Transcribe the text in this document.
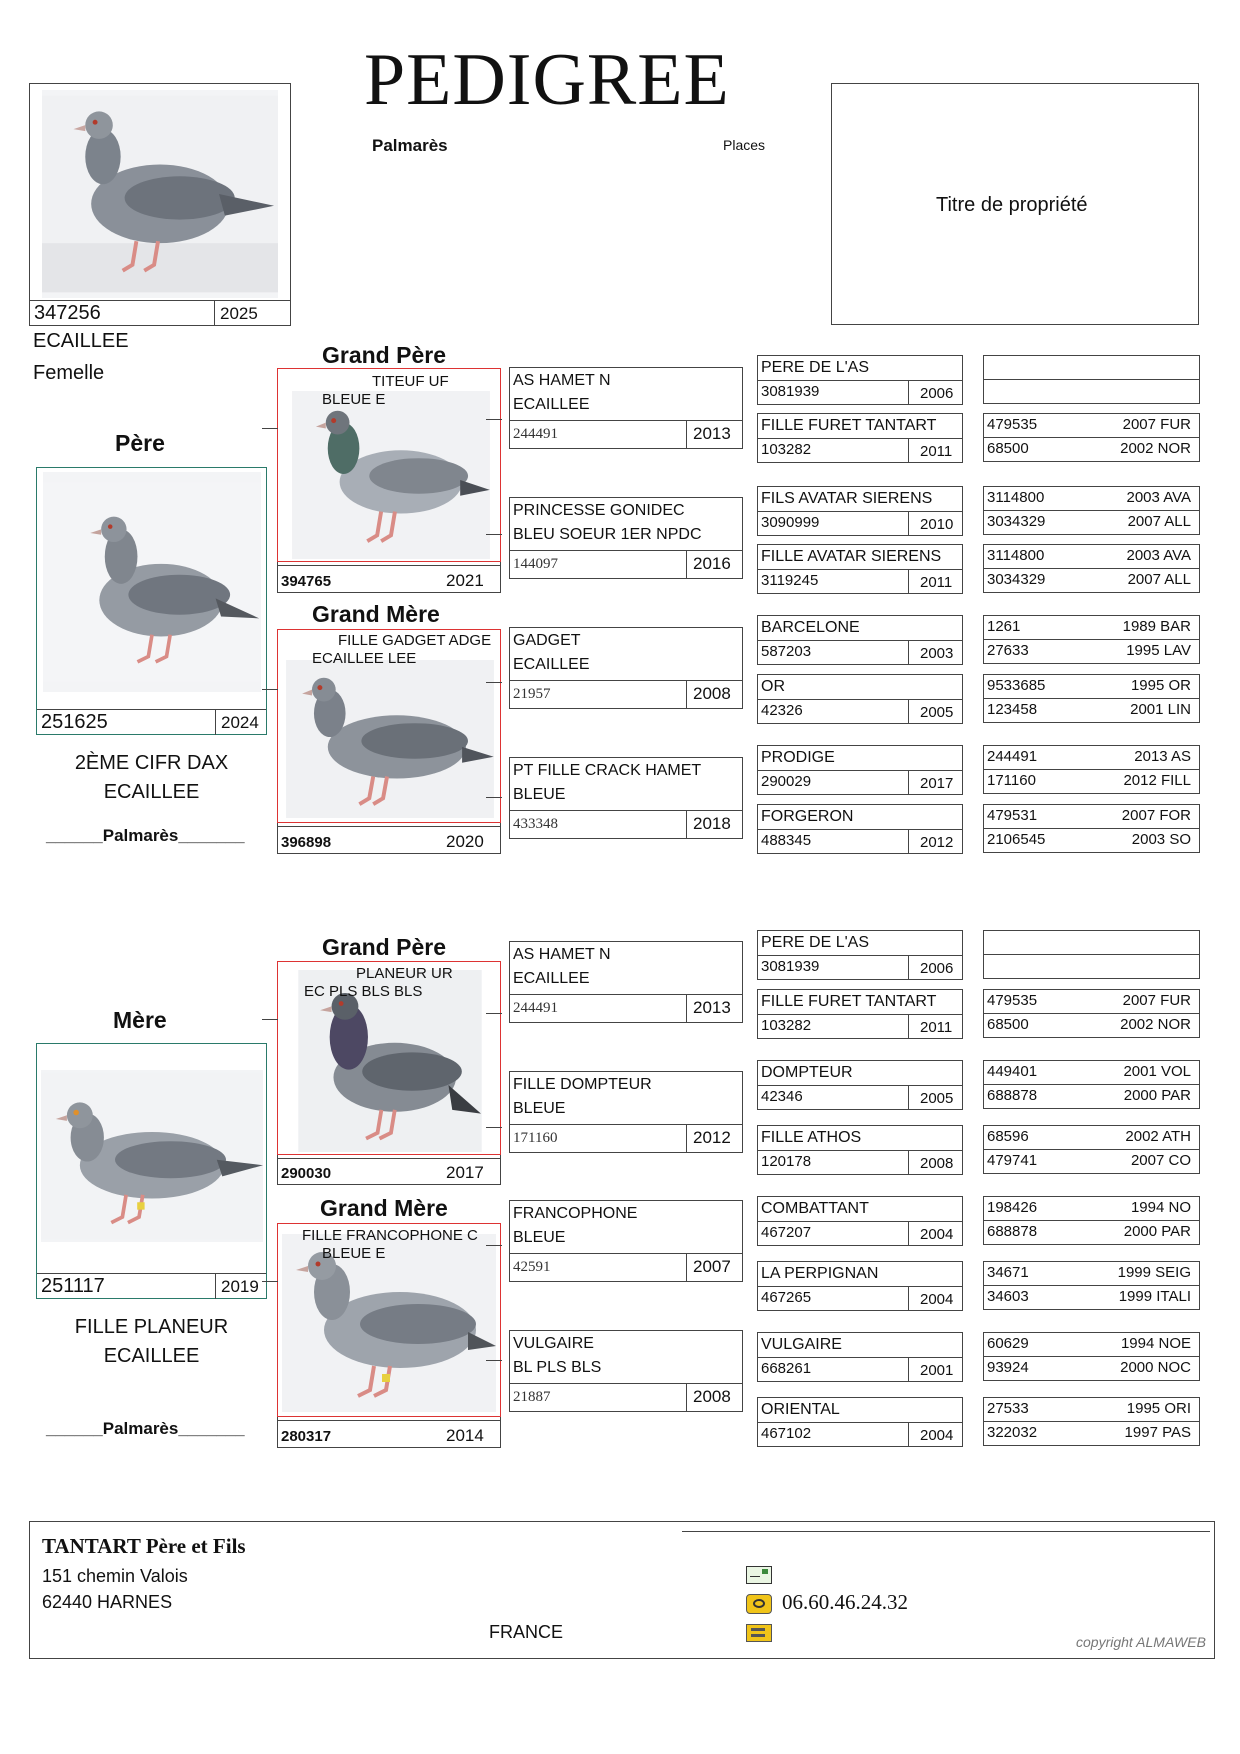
PEDIGREE
Palmarès	Places
Titre de propriété
347256	2025
ECAILLEE
Femelle
Père
251625	2024
2ÈME CIFR DAX
ECAILLEE
______Palmarès_______
Mère
251117	2019
FILLE PLANEUR
ECAILLEE
______Palmarès_______
Grand Père
TITEUF UF
BLEUE E
394765	2021
Grand Mère
FILLE GADGET ADGE
ECAILLEE LEE
396898	2020
Grand Père
PLANEUR UR
EC PLS BLS BLS
290030	2017
Grand Mère
FILLE FRANCOPHONE C
BLEUE E
280317	2014
AS HAMET N
ECAILLEE
244491	2013
PRINCESSE GONIDEC
BLEU SOEUR 1ER NPDC
144097	2016
GADGET
ECAILLEE
21957	2008
PT FILLE CRACK HAMET
BLEUE
433348	2018
AS HAMET N
ECAILLEE
244491	2013
FILLE DOMPTEUR
BLEUE
171160	2012
FRANCOPHONE
BLEUE
42591	2007
VULGAIRE
BL PLS BLS
21887	2008
PERE DE L'AS
3081939	2006
FILLE FURET TANTART
103282	2011
FILS AVATAR SIERENS
3090999	2010
FILLE AVATAR SIERENS
3119245	2011
BARCELONE
587203	2003
OR
42326	2005
PRODIGE
290029	2017
FORGERON
488345	2012
PERE DE L'AS
3081939	2006
FILLE FURET TANTART
103282	2011
DOMPTEUR
42346	2005
FILLE ATHOS
120178	2008
COMBATTANT
467207	2004
LA PERPIGNAN
467265	2004
VULGAIRE
668261	2001
ORIENTAL
467102	2004
479535	2007 FUR
68500	2002 NOR
3114800	2003 AVA
3034329	2007 ALL
3114800	2003 AVA
3034329	2007 ALL
1261	1989 BAR
27633	1995 LAV
9533685	1995 OR
123458	2001 LIN
244491	2013 AS
171160	2012 FILL
479531	2007 FOR
2106545	2003 SO
479535	2007 FUR
68500	2002 NOR
449401	2001 VOL
688878	2000 PAR
68596	2002 ATH
479741	2007 CO
198426	1994 NO
688878	2000 PAR
34671	1999 SEIG
34603	1999 ITALI
60629	1994 NOE
93924	2000 NOC
27533	1995 ORI
322032	1997 PAS
TANTART Père et Fils
151 chemin Valois
62440 HARNES
FRANCE
06.60.46.24.32
copyright ALMAWEB
